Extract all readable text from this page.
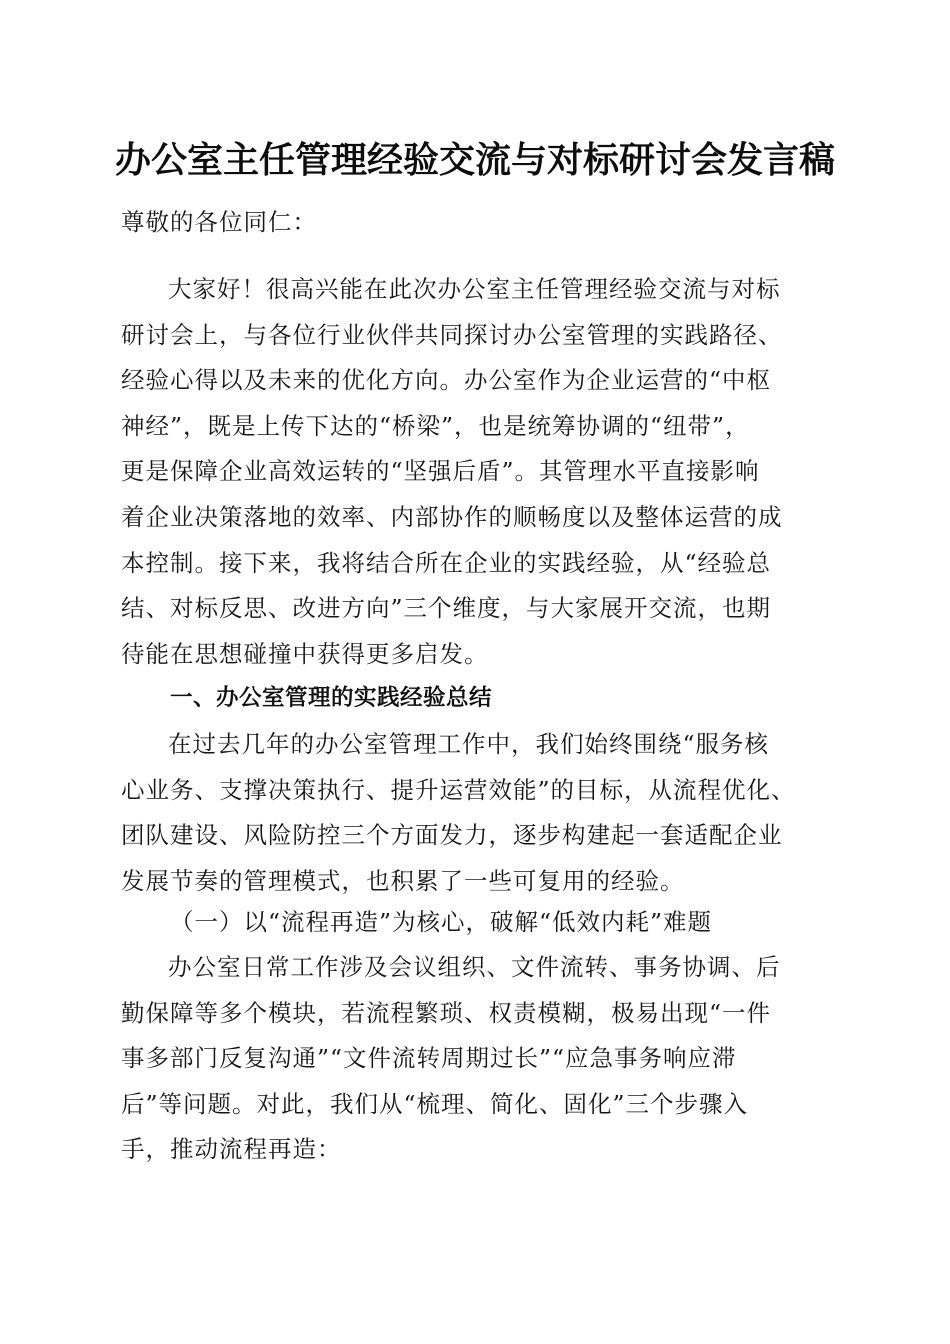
办公室主任管理经验交流与对标研讨会发言稿
尊敬的各位同仁：
大家好！很高兴能在此次办公室主任管理经验交流与对标
研讨会上，与各位行业伙伴共同探讨办公室管理的实践路径、
经验心得以及未来的优化方向。办公室作为企业运营的“中枢
神经”，既是上传下达的“桥梁”，也是统筹协调的“纽带”，
更是保障企业高效运转的“坚强后盾”。其管理水平直接影响
着企业决策落地的效率、内部协作的顺畅度以及整体运营的成
本控制。接下来，我将结合所在企业的实践经验，从“经验总
结、对标反思、改进方向”三个维度，与大家展开交流，也期
待能在思想碰撞中获得更多启发。
一、办公室管理的实践经验总结
在过去几年的办公室管理工作中，我们始终围绕“服务核
心业务、支撑决策执行、提升运营效能”的目标，从流程优化、
团队建设、风险防控三个方面发力，逐步构建起一套适配企业
发展节奏的管理模式，也积累了一些可复用的经验。
（一）以“流程再造”为核心，破解“低效内耗”难题
办公室日常工作涉及会议组织、文件流转、事务协调、后
勤保障等多个模块，若流程繁琐、权责模糊，极易出现“一件
事多部门反复沟通”“文件流转周期过长”“应急事务响应滞
后”等问题。对此，我们从“梳理、简化、固化”三个步骤入
手，推动流程再造：
